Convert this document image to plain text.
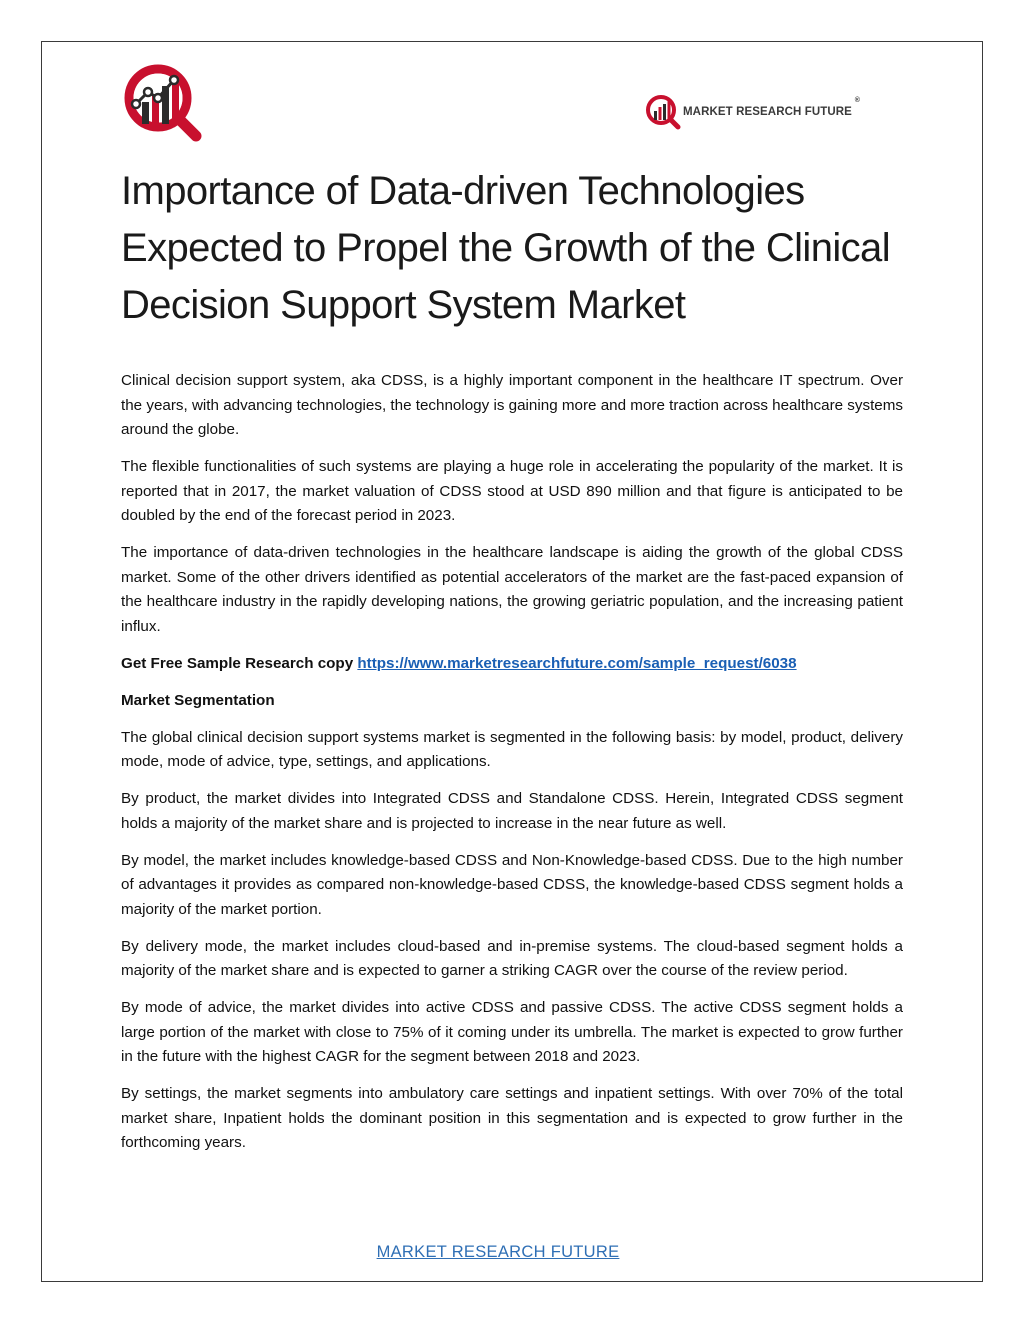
MARKET RESEARCH FUTURE
®
Importance of Data-driven Technologies Expected to Propel the Growth of the Clinical Decision Support System Market

Clinical decision support system, aka CDSS, is a highly important component in the healthcare IT spectrum. Over the years, with advancing technologies, the technology is gaining more and more traction across healthcare systems around the globe.

The flexible functionalities of such systems are playing a huge role in accelerating the popularity of the market. It is reported that in 2017, the market valuation of CDSS stood at USD 890 million and that figure is anticipated to be doubled by the end of the forecast period in 2023.

The importance of data-driven technologies in the healthcare landscape is aiding the growth of the global CDSS market. Some of the other drivers identified as potential accelerators of the market are the fast-paced expansion of the healthcare industry in the rapidly developing nations, the growing geriatric population, and the increasing patient influx.

Get Free Sample Research copy https://www.marketresearchfuture.com/sample_request/6038

Market Segmentation

The global clinical decision support systems market is segmented in the following basis: by model, product, delivery mode, mode of advice, type, settings, and applications.

By product, the market divides into Integrated CDSS and Standalone CDSS. Herein, Integrated CDSS segment holds a majority of the market share and is projected to increase in the near future as well.

By model, the market includes knowledge-based CDSS and Non-Knowledge-based CDSS. Due to the high number of advantages it provides as compared non-knowledge-based CDSS, the knowledge-based CDSS segment holds a majority of the market portion.

By delivery mode, the market includes cloud-based and in-premise systems. The cloud-based segment holds a majority of the market share and is expected to garner a striking CAGR over the course of the review period.

By mode of advice, the market divides into active CDSS and passive CDSS. The active CDSS segment holds a large portion of the market with close to 75% of it coming under its umbrella. The market is expected to grow further in the future with the highest CAGR for the segment between 2018 and 2023.

By settings, the market segments into ambulatory care settings and inpatient settings. With over 70% of the total market share, Inpatient holds the dominant position in this segmentation and is expected to grow further in the forthcoming years.

MARKET RESEARCH FUTURE
